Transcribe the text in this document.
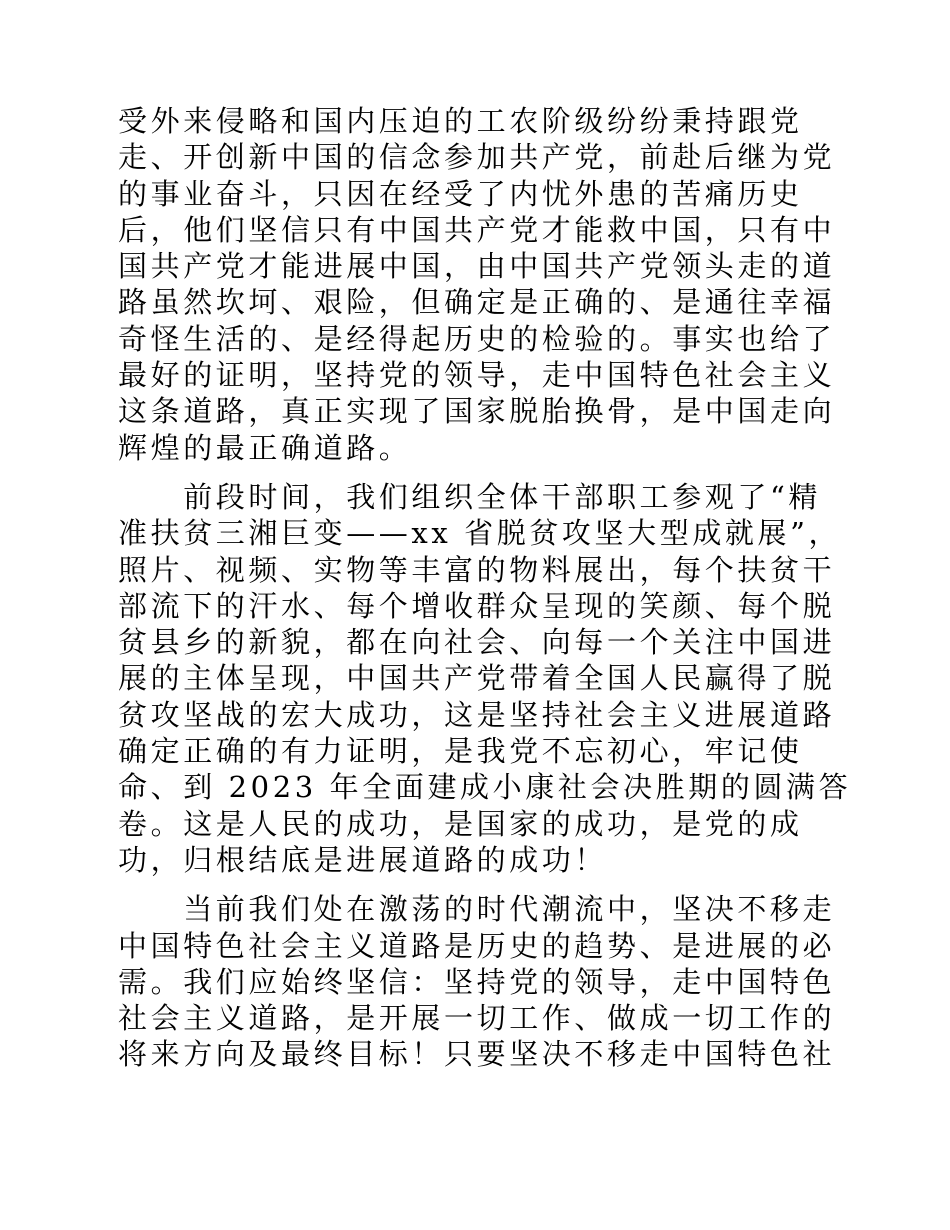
受外来侵略和国内压迫的工农阶级纷纷秉持跟党
走、开创新中国的信念参加共产党，前赴后继为党
的事业奋斗，只因在经受了内忧外患的苦痛历史
后，他们坚信只有中国共产党才能救中国，只有中
国共产党才能进展中国，由中国共产党领头走的道
路虽然坎坷、艰险，但确定是正确的、是通往幸福
奇怪生活的、是经得起历史的检验的。事实也给了
最好的证明，坚持党的领导，走中国特色社会主义
这条道路，真正实现了国家脱胎换骨，是中国走向
辉煌的最正确道路。

　　前段时间，我们组织全体干部职工参观了“精
准扶贫三湘巨变——xx 省脱贫攻坚大型成就展”，
照片、视频、实物等丰富的物料展出，每个扶贫干
部流下的汗水、每个增收群众呈现的笑颜、每个脱
贫县乡的新貌，都在向社会、向每一个关注中国进
展的主体呈现，中国共产党带着全国人民赢得了脱
贫攻坚战的宏大成功，这是坚持社会主义进展道路
确定正确的有力证明，是我党不忘初心，牢记使
命、到 2023 年全面建成小康社会决胜期的圆满答
卷。这是人民的成功，是国家的成功，是党的成
功，归根结底是进展道路的成功！

　　当前我们处在激荡的时代潮流中，坚决不移走
中国特色社会主义道路是历史的趋势、是进展的必
需。我们应始终坚信：坚持党的领导，走中国特色
社会主义道路，是开展一切工作、做成一切工作的
将来方向及最终目标！只要坚决不移走中国特色社
